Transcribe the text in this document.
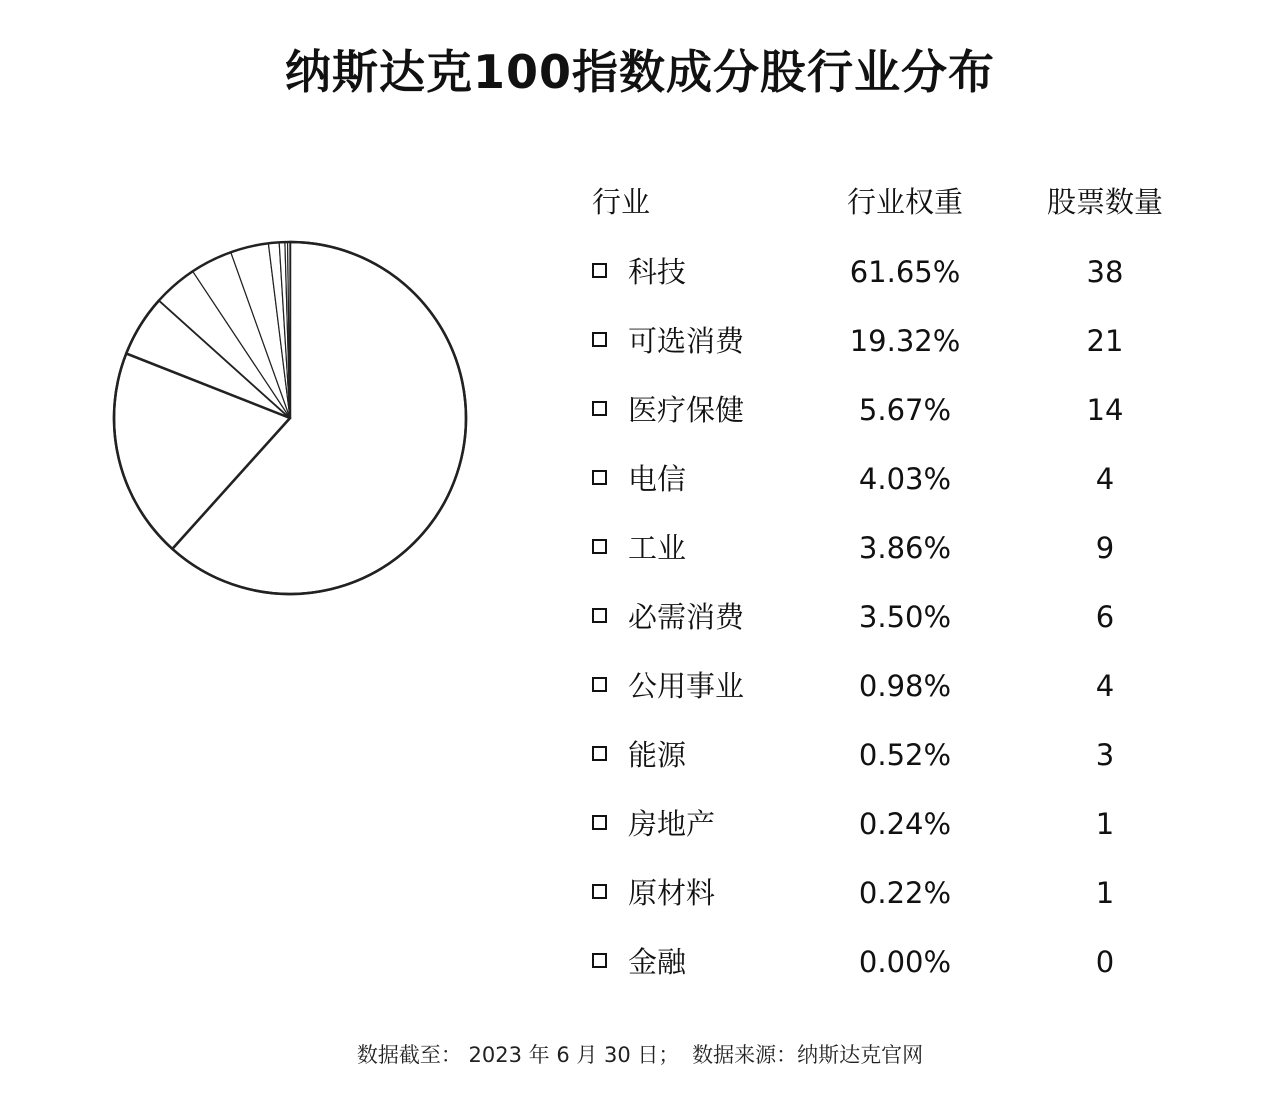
纳斯达克100指数成分股行业分布
行业	行业权重	股票数量
科技	61.65%	38
可选消费	19.32%	21
医疗保健	5.67%	14
电信	4.03%	4
工业	3.86%	9
必需消费	3.50%	6
公用事业	0.98%	4
能源	0.52%	3
房地产	0.24%	1
原材料	0.22%	1
金融	0.00%	0
数据截至： 2023 年 6 月 30 日； 数据来源：纳斯达克官网
